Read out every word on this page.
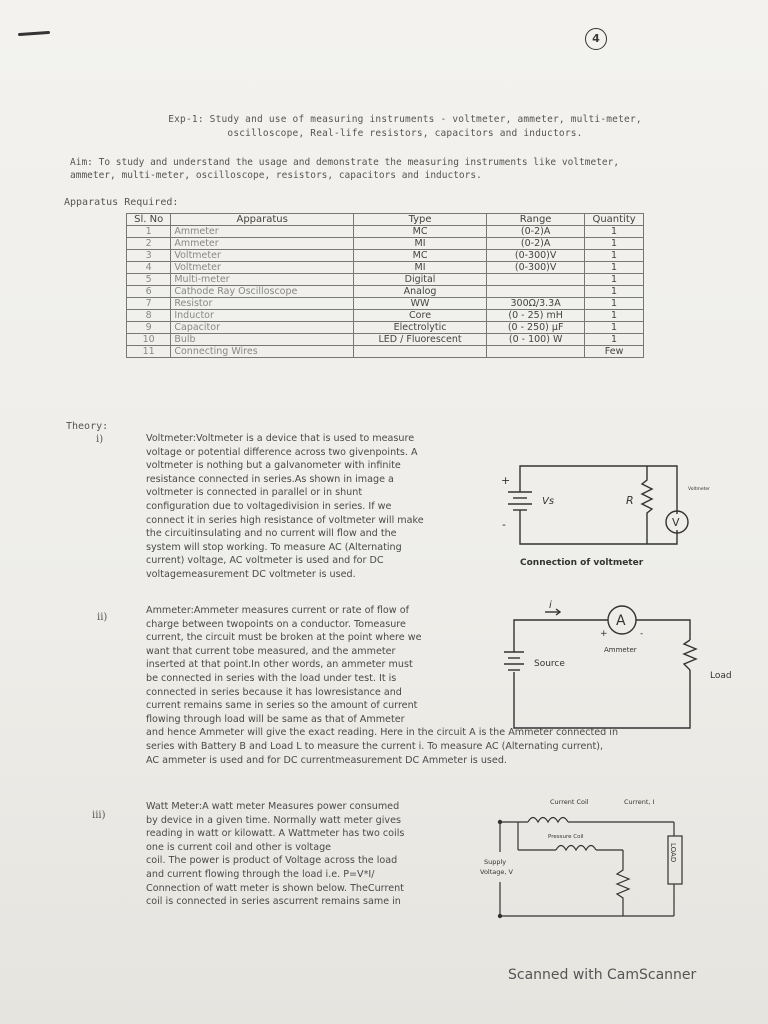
4
Exp-1: Study and use of measuring instruments - voltmeter, ammeter, multi-meter,
oscilloscope, Real-life resistors, capacitors and inductors.
Aim: To study and understand the usage and demonstrate the measuring instruments like voltmeter,
ammeter, multi-meter, oscilloscope, resistors, capacitors and inductors.
Apparatus Required:
Sl. No	Apparatus	Type	Range	Quantity
1	Ammeter	MC	(0-2)A	1
2	Ammeter	MI	(0-2)A	1
3	Voltmeter	MC	(0-300)V	1
4	Voltmeter	MI	(0-300)V	1
5	Multi-meter	Digital		1
6	Cathode Ray Oscilloscope	Analog		1
7	Resistor	WW	300Ω/3.3A	1
8	Inductor	Core	(0 - 25) mH	1
9	Capacitor	Electrolytic	(0 - 250) μF	1
10	Bulb	LED / Fluorescent	(0 - 100) W	1
11	Connecting Wires			Few
Theory:
i)	Voltmeter:Voltmeter is a device that is used to measure
voltage or potential difference across two givenpoints. A
voltmeter is nothing but a galvanometer with infinite
resistance connected in series.As shown in image a
voltmeter is connected in parallel or in shunt
configuration due to voltagedivision in series. If we
connect it in series high resistance of voltmeter will make
the circuitinsulating and no current will flow and the
system will stop working. To measure AC (Alternating
current) voltage, AC voltmeter is used and for DC
voltagemeasurement DC voltmeter is used.
+
-
Vs	R
V
Voltmeter
Connection of voltmeter
ii)
Ammeter:Ammeter measures current or rate of flow of
charge between twopoints on a conductor. Tomeasure
current, the circuit must be broken at the point where we
want that current tobe measured, and the ammeter
inserted at that point.In other words, an ammeter must
be connected in series with the load under test. It is
connected in series because it has lowresistance and
current remains same in series so the amount of current
flowing through load will be same as that of Ammeter
and hence Ammeter will give the exact reading. Here in the circuit A is the Ammeter connected in
series with Battery B and Load L to measure the current i. To measure AC (Alternating current),
AC ammeter is used and for DC currentmeasurement DC Ammeter is used.
i
A
Ammeter
+	-
Source
Load
iii)
Watt Meter:A watt meter Measures power consumed
by device in a given time. Normally watt meter gives
reading in watt or kilowatt. A Wattmeter has two coils
one is current coil and other is voltage
coil. The power is product of Voltage across the load
and current flowing through the load i.e. P=V*I/
Connection of watt meter is shown below. TheCurrent
coil is connected in series ascurrent remains same in
Current Coil	Current, I
Pressure Coil
Supply
Voltage, V
LOAD
Scanned with CamScanner
